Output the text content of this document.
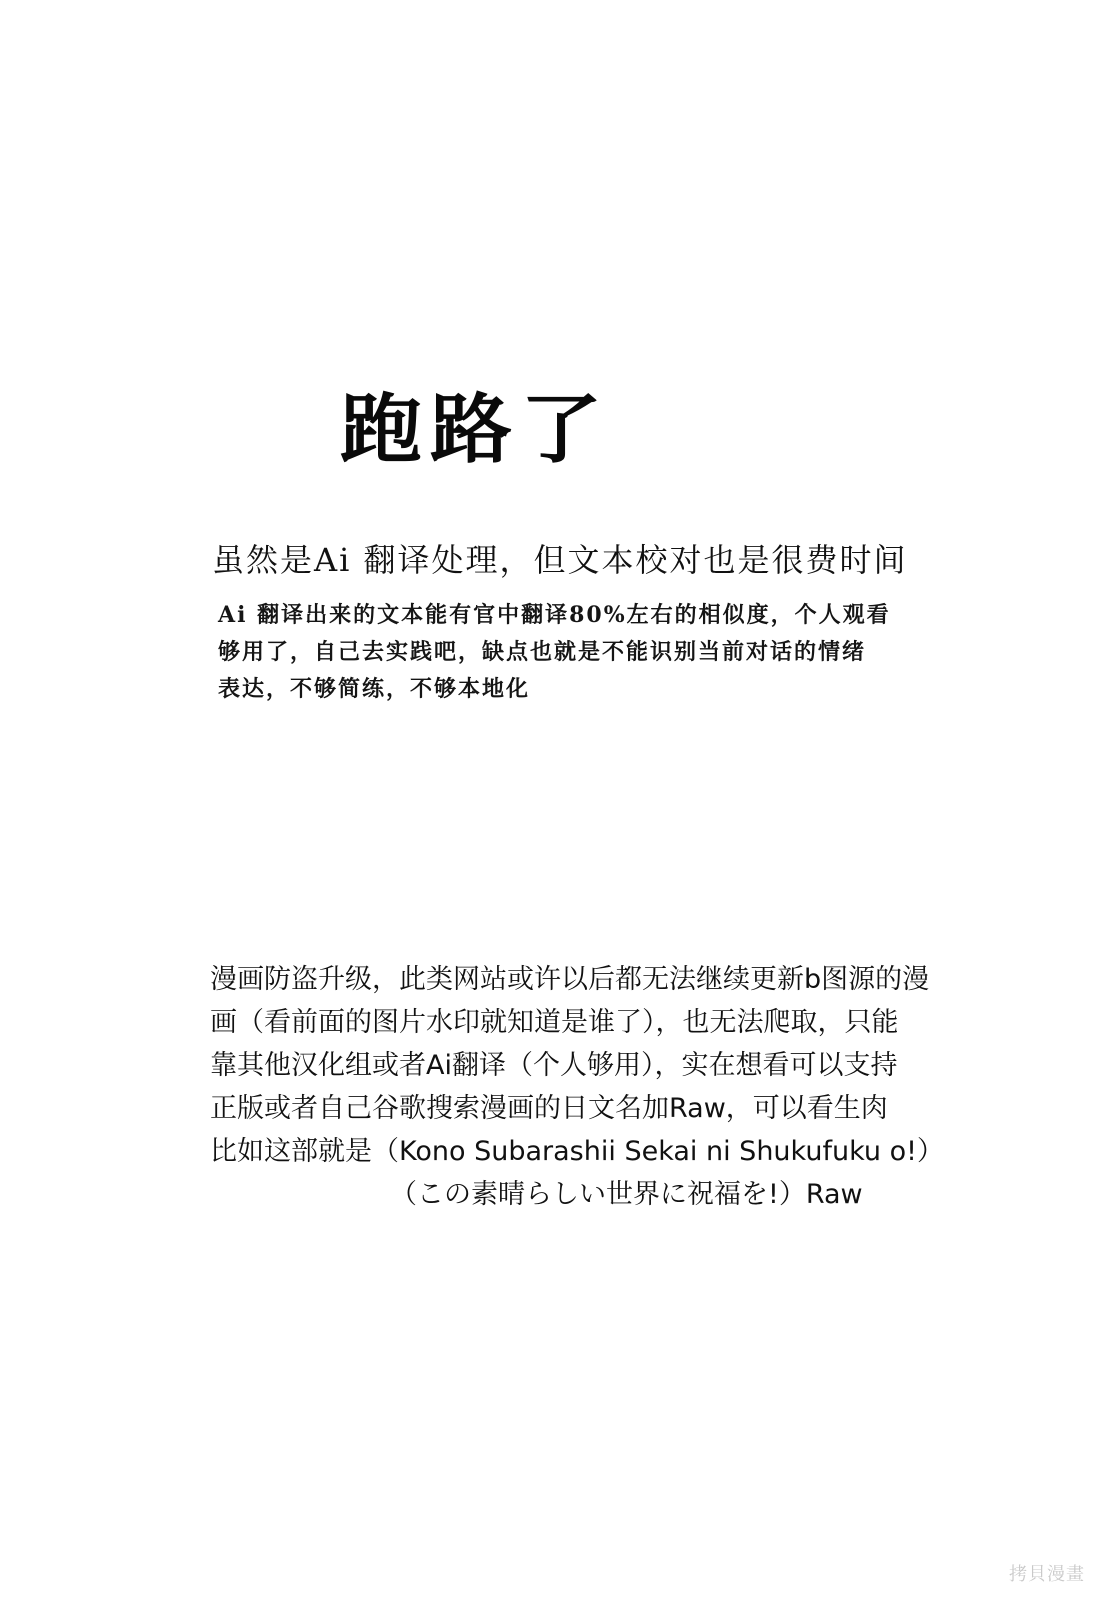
跑路了
虽然是Ai 翻译处理，但文本校对也是很费时间
Ai 翻译出来的文本能有官中翻译80%左右的相似度，个人观看
够用了，自己去实践吧，缺点也就是不能识别当前对话的情绪
表达，不够简练，不够本地化
漫画防盗升级，此类网站或许以后都无法继续更新b图源的漫
画（看前面的图片水印就知道是谁了），也无法爬取，只能
靠其他汉化组或者Ai翻译（个人够用），实在想看可以支持
正版或者自己谷歌搜索漫画的日文名加Raw，可以看生肉
比如这部就是（Kono Subarashii Sekai ni Shukufuku o!）
（この素晴らしい世界に祝福を!）Raw
拷貝漫畫
